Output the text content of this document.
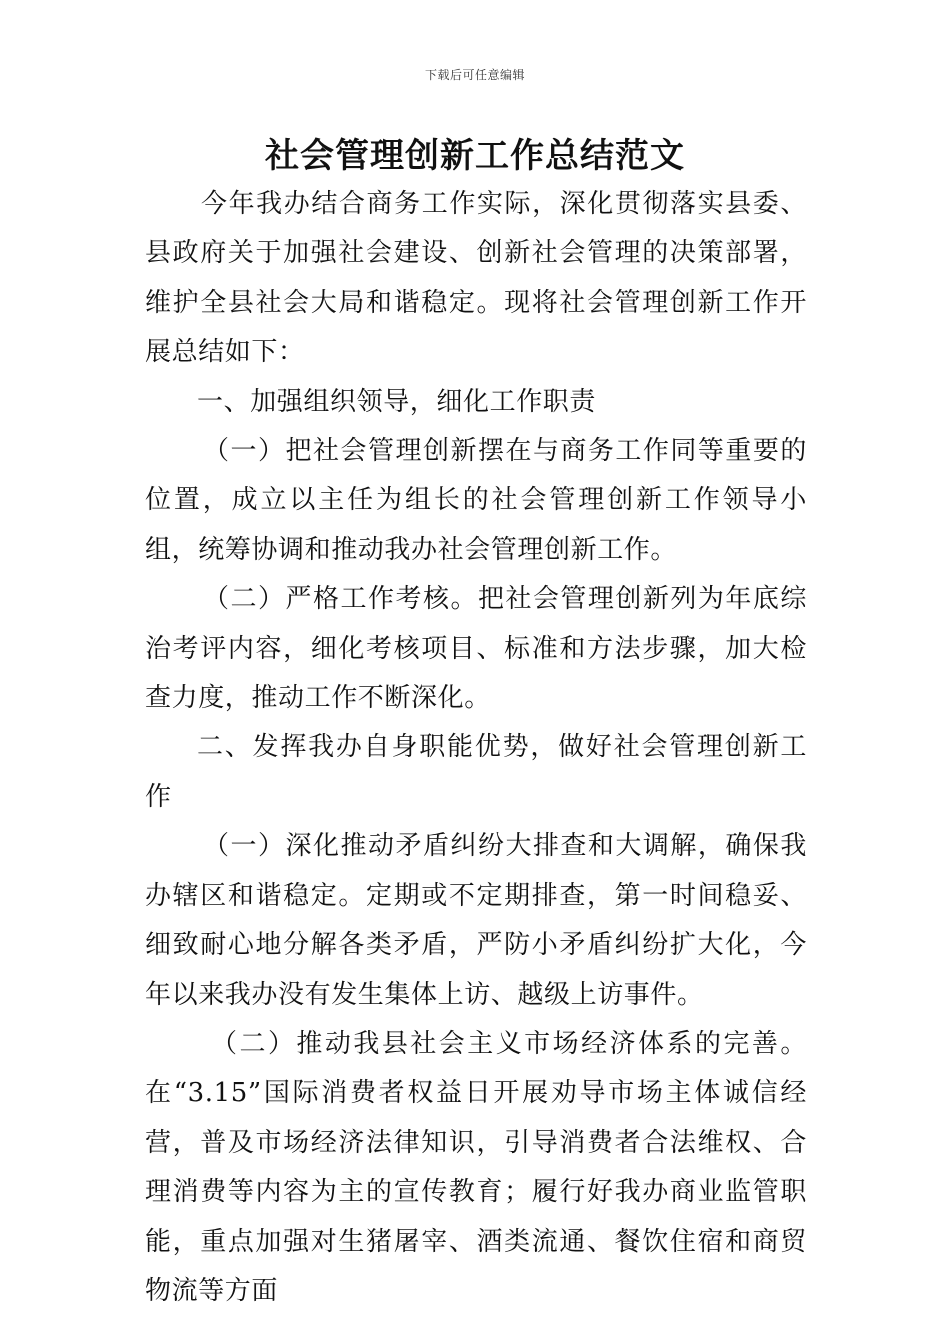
下载后可任意编辑
社会管理创新工作总结范文

今年我办结合商务工作实际，深化贯彻落实县委、县政府关于加强社会建设、创新社会管理的决策部署，维护全县社会大局和谐稳定。现将社会管理创新工作开展总结如下：

一、加强组织领导，细化工作职责

（一）把社会管理创新摆在与商务工作同等重要的位置，成立以主任为组长的社会管理创新工作领导小组，统筹协调和推动我办社会管理创新工作。

（二）严格工作考核。把社会管理创新列为年底综治考评内容，细化考核项目、标准和方法步骤，加大检查力度，推动工作不断深化。

二、发挥我办自身职能优势，做好社会管理创新工作

（一）深化推动矛盾纠纷大排查和大调解，确保我办辖区和谐稳定。定期或不定期排查，第一时间稳妥、细致耐心地分解各类矛盾，严防小矛盾纠纷扩大化，今年以来我办没有发生集体上访、越级上访事件。

（二）推动我县社会主义市场经济体系的完善。在“3.15”国际消费者权益日开展劝导市场主体诚信经营，普及市场经济法律知识，引导消费者合法维权、合理消费等内容为主的宣传教育；履行好我办商业监管职能，重点加强对生猪屠宰、酒类流通、餐饮住宿和商贸物流等方面
